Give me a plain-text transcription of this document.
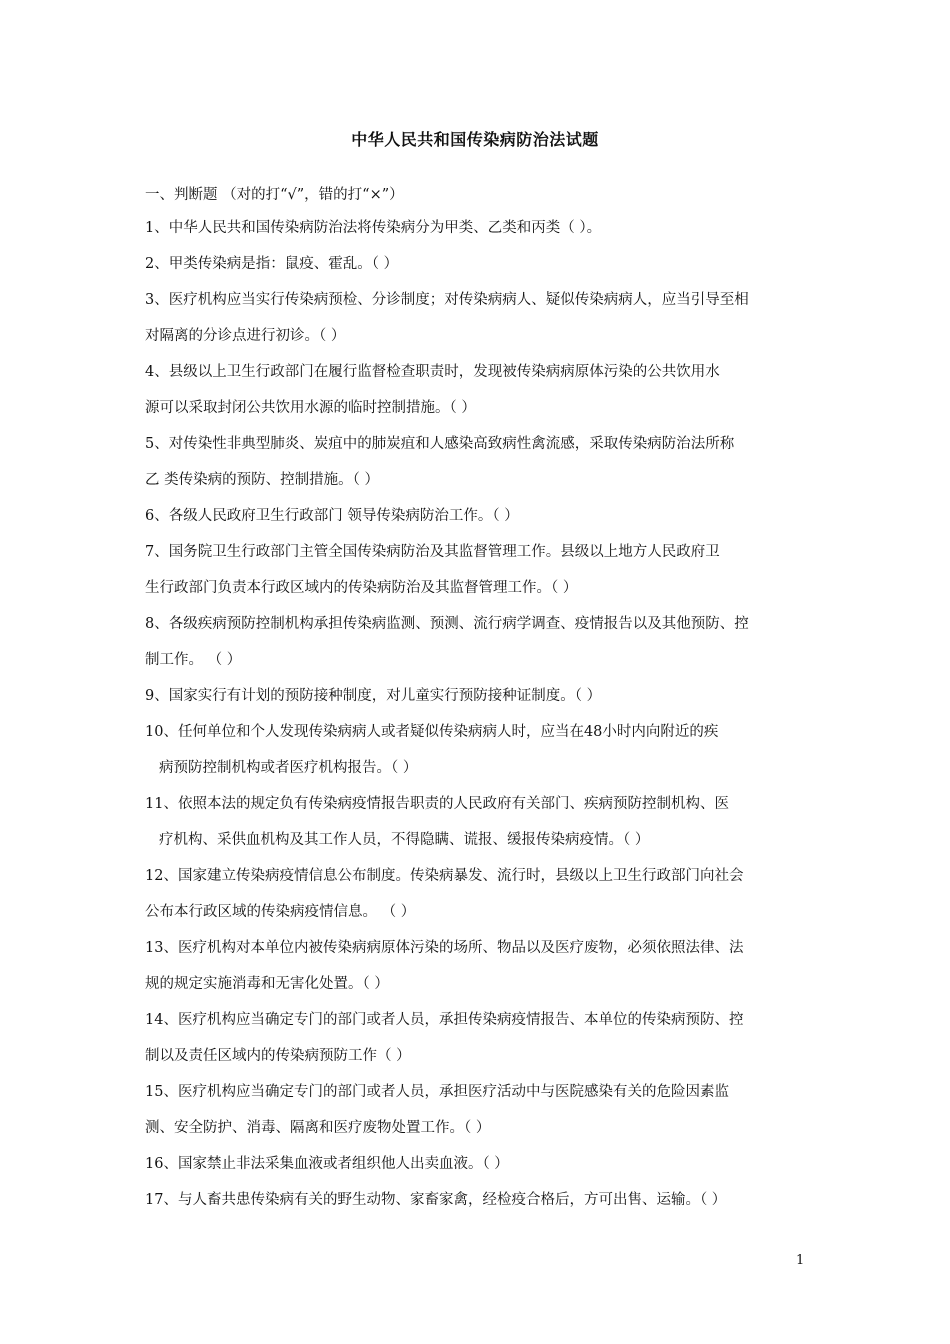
中华人民共和国传染病防治法试题
一、判断题 （对的打“√”，错的打“×”）
1、中华人民共和国传染病防治法将传染病分为甲类、乙类和丙类（ ）。
2、甲类传染病是指：鼠疫、霍乱。（ ）
3、医疗机构应当实行传染病预检、分诊制度；对传染病病人、疑似传染病病人，应当引导至相
对隔离的分诊点进行初诊。（ ）
4、县级以上卫生行政部门在履行监督检查职责时，发现被传染病病原体污染的公共饮用水
源可以采取封闭公共饮用水源的临时控制措施。（ ）
5、对传染性非典型肺炎、炭疽中的肺炭疽和人感染高致病性禽流感，采取传染病防治法所称
乙 类传染病的预防、控制措施。（ ）
6、各级人民政府卫生行政部门 领导传染病防治工作。（ ）
7、国务院卫生行政部门主管全国传染病防治及其监督管理工作。县级以上地方人民政府卫
生行政部门负责本行政区域内的传染病防治及其监督管理工作。（ ）
8、各级疾病预防控制机构承担传染病监测、预测、流行病学调查、疫情报告以及其他预防、控
制工作。 （ ）
9、国家实行有计划的预防接种制度，对儿童实行预防接种证制度。（ ）
10、任何单位和个人发现传染病病人或者疑似传染病病人时，应当在48小时内向附近的疾
病预防控制机构或者医疗机构报告。（ ）
11、依照本法的规定负有传染病疫情报告职责的人民政府有关部门、疾病预防控制机构、医
疗机构、采供血机构及其工作人员，不得隐瞒、谎报、缓报传染病疫情。（ ）
12、国家建立传染病疫情信息公布制度。传染病暴发、流行时，县级以上卫生行政部门向社会
公布本行政区域的传染病疫情信息。 （ ）
13、医疗机构对本单位内被传染病病原体污染的场所、物品以及医疗废物，必须依照法律、法
规的规定实施消毒和无害化处置。（ ）
14、医疗机构应当确定专门的部门或者人员，承担传染病疫情报告、本单位的传染病预防、控
制以及责任区域内的传染病预防工作（ ）
15、医疗机构应当确定专门的部门或者人员，承担医疗活动中与医院感染有关的危险因素监
测、安全防护、消毒、隔离和医疗废物处置工作。（ ）
16、国家禁止非法采集血液或者组织他人出卖血液。（ ）
17、与人畜共患传染病有关的野生动物、家畜家禽，经检疫合格后，方可出售、运输。（ ）
1
